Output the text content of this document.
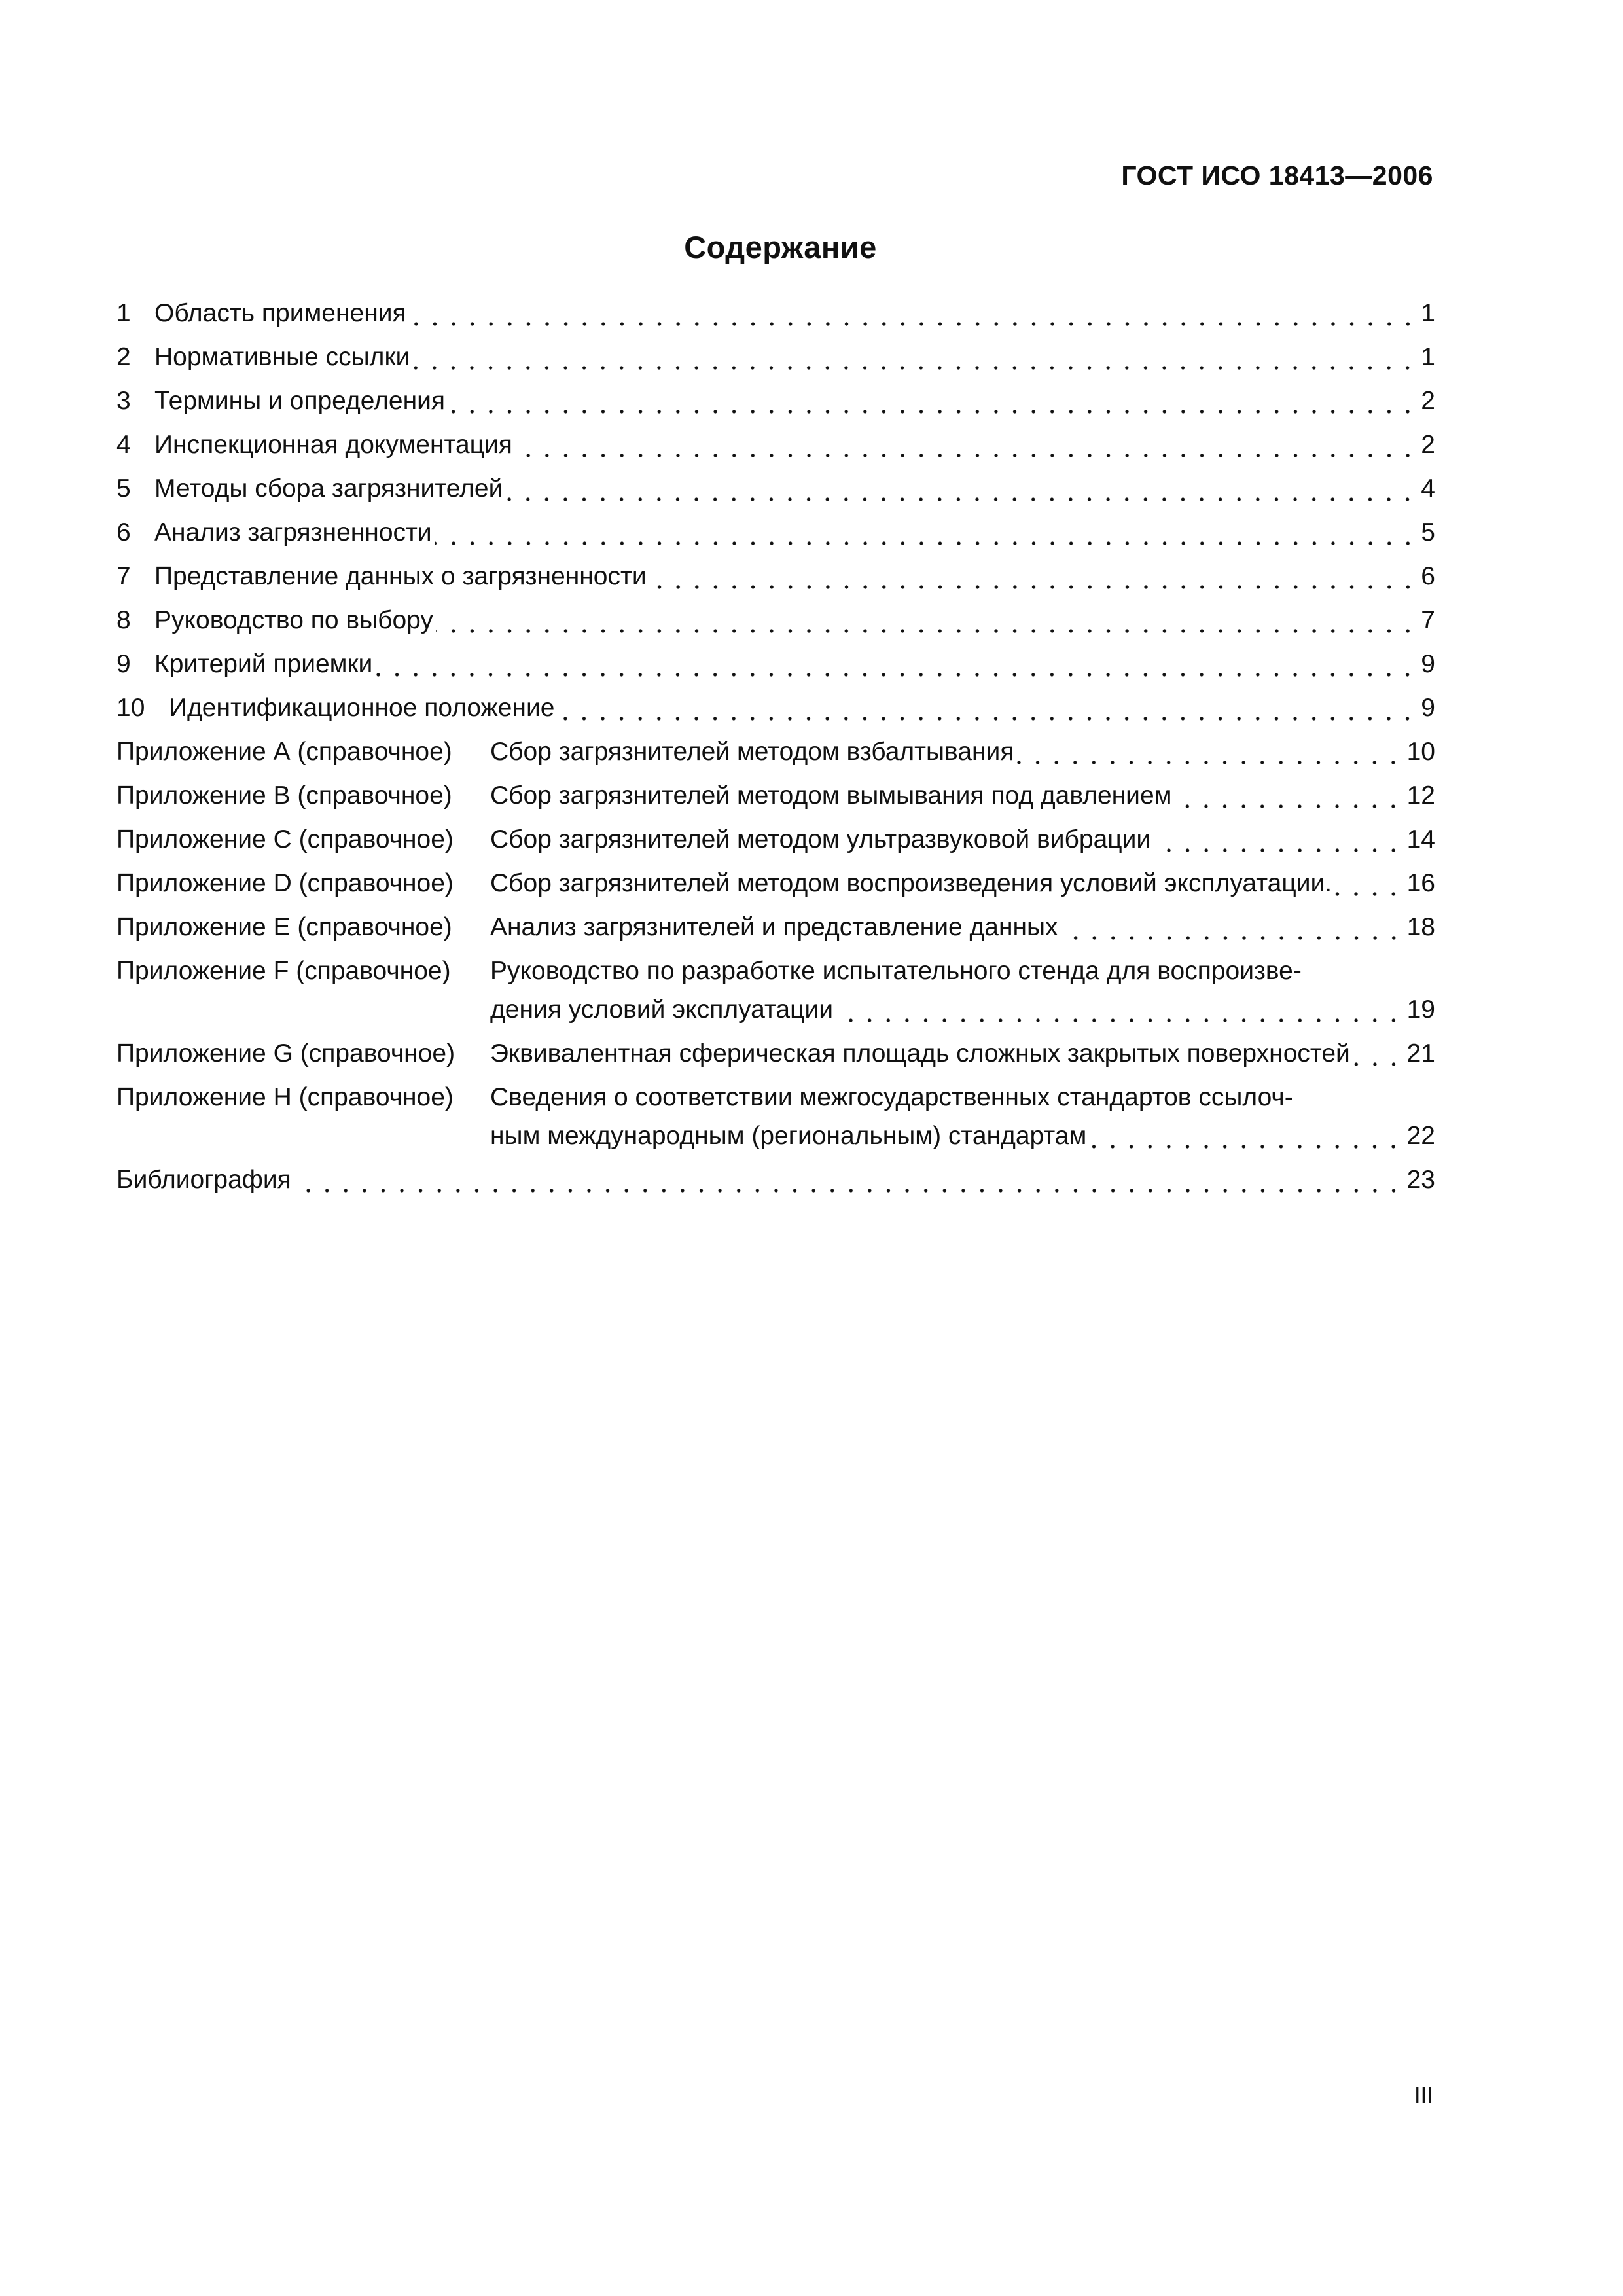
ГОСТ ИСО 18413—2006
Содержание
1 Область применения	1
2 Нормативные ссылки	1
3 Термины и определения	2
4 Инспекционная документация	2
5 Методы сбора загрязнителей	4
6 Анализ загрязненности	5
7 Представление данных о загрязненности	6
8 Руководство по выбору	7
9 Критерий приемки	9
10 Идентификационное положение	9
Приложение А (справочное)	Сбор загрязнителей методом взбалтывания	10
Приложение В (справочное)	Сбор загрязнителей методом вымывания под давлением	12
Приложение С (справочное)	Сбор загрязнителей методом ультразвуковой вибрации	14
Приложение D (справочное)	Сбор загрязнителей методом воспроизведения условий эксплуатации.	16
Приложение Е (справочное)	Анализ загрязнителей и представление данных	18
Приложение F (справочное)	Руководство по разработке испытательного стенда для воспроизве-
дения условий эксплуатации	19
Приложение G (справочное)	Эквивалентная сферическая площадь сложных закрытых поверхностей 21
Приложение Н (справочное)	Сведения о соответствии межгосударственных стандартов ссылоч-
ным международным (региональным) стандартам	22
Библиография	23
III
